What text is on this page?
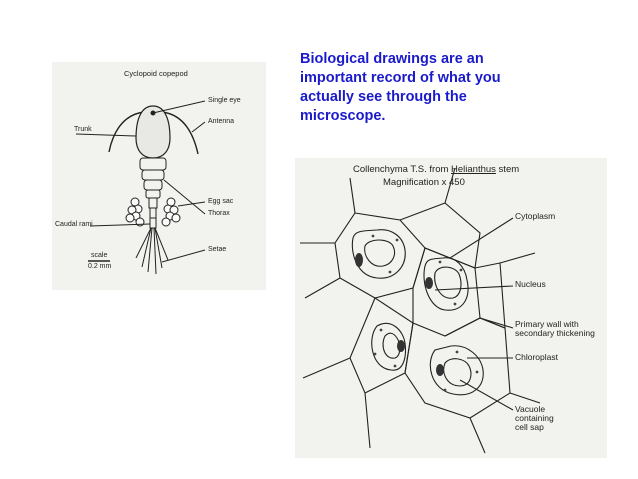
Biological drawings are an
important record of what you
actually see through the
microscope.
Cyclopoid copepod
Single eye
Antenna
Trunk
Egg sac
Thorax
Caudal rami
Setae
scale
0.2 mm
Collenchyma T.S. from Helianthus stem
Magnification x 450
Cytoplasm
Nucleus
Primary wall with
secondary thickening
Chloroplast
Vacuole
containing
cell sap
